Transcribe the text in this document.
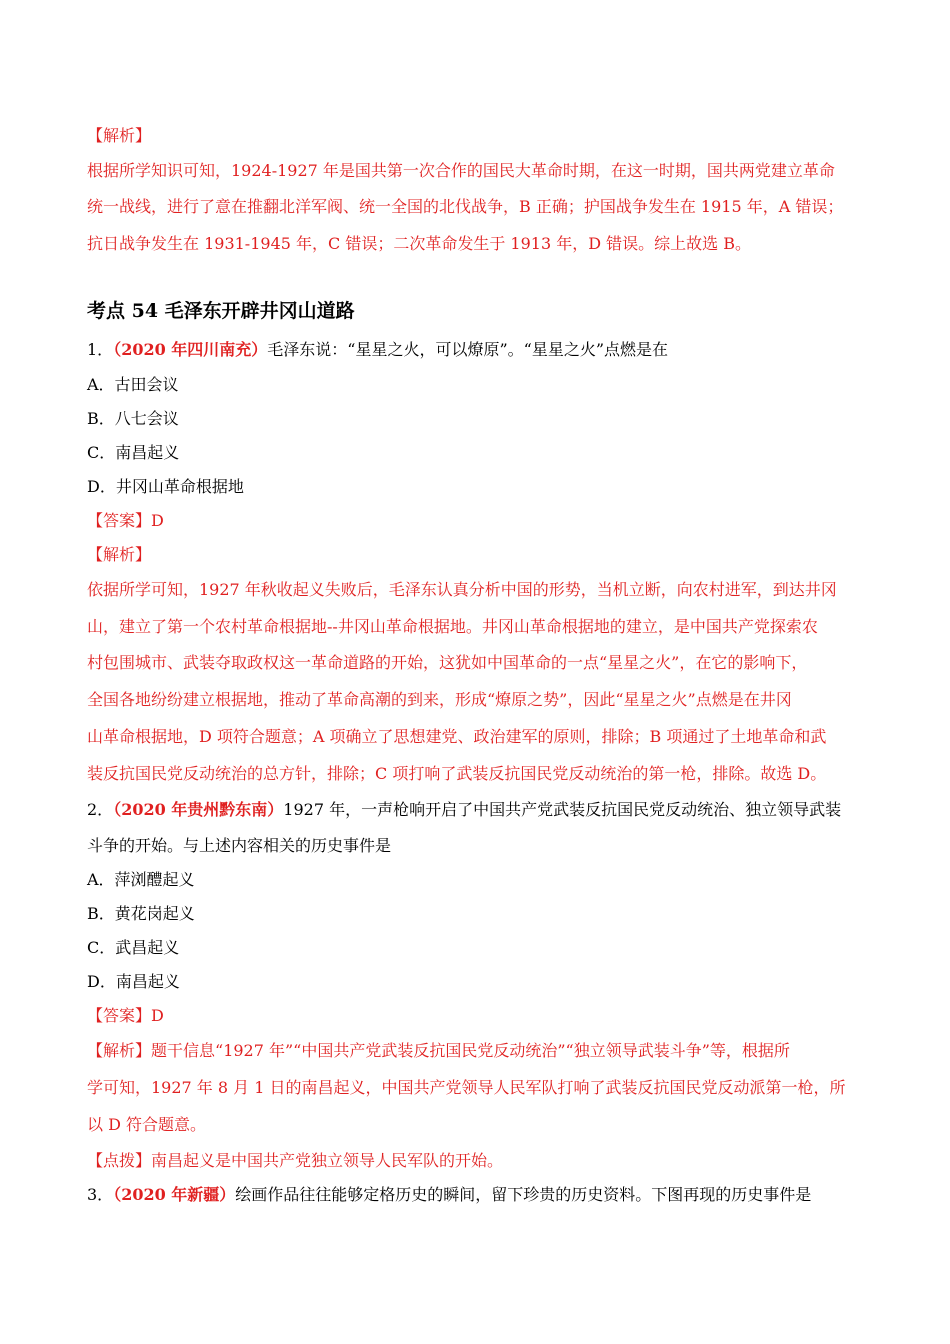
【解析】
根据所学知识可知，1924-1927 年是国共第一次合作的国民大革命时期，在这一时期，国共两党建立革命
统一战线，进行了意在推翻北洋军阀、统一全国的北伐战争，B 正确；护国战争发生在 1915 年，A 错误；
抗日战争发生在 1931-1945 年，C 错误；二次革命发生于 1913 年，D 错误。综上故选 B。
考点 54 毛泽东开辟井冈山道路
1．（2020 年四川南充）毛泽东说：“星星之火，可以燎原”。“星星之火”点燃是在
A．古田会议
B．八七会议
C．南昌起义
D．井冈山革命根据地
【答案】D
【解析】
依据所学可知，1927 年秋收起义失败后，毛泽东认真分析中国的形势，当机立断，向农村进军，到达井冈
山，建立了第一个农村革命根据地--井冈山革命根据地。井冈山革命根据地的建立，是中国共产党探索农
村包围城市、武装夺取政权这一革命道路的开始，这犹如中国革命的一点“星星之火”，在它的影响下，
全国各地纷纷建立根据地，推动了革命高潮的到来，形成“燎原之势”，因此“星星之火”点燃是在井冈
山革命根据地，D 项符合题意；A 项确立了思想建党、政治建军的原则，排除；B 项通过了土地革命和武
装反抗国民党反动统治的总方针，排除；C 项打响了武装反抗国民党反动统治的第一枪，排除。故选 D。
2．（2020 年贵州黔东南）1927 年，一声枪响开启了中国共产党武装反抗国民党反动统治、独立领导武装
斗争的开始。与上述内容相关的历史事件是
A．萍浏醴起义
B．黄花岗起义
C．武昌起义
D．南昌起义
【答案】D
【解析】题干信息“1927 年”“中国共产党武装反抗国民党反动统治”“独立领导武装斗争”等，根据所
学可知，1927 年 8 月 1 日的南昌起义，中国共产党领导人民军队打响了武装反抗国民党反动派第一枪，所
以 D 符合题意。
【点拨】南昌起义是中国共产党独立领导人民军队的开始。
3．（2020 年新疆）绘画作品往往能够定格历史的瞬间，留下珍贵的历史资料。下图再现的历史事件是
